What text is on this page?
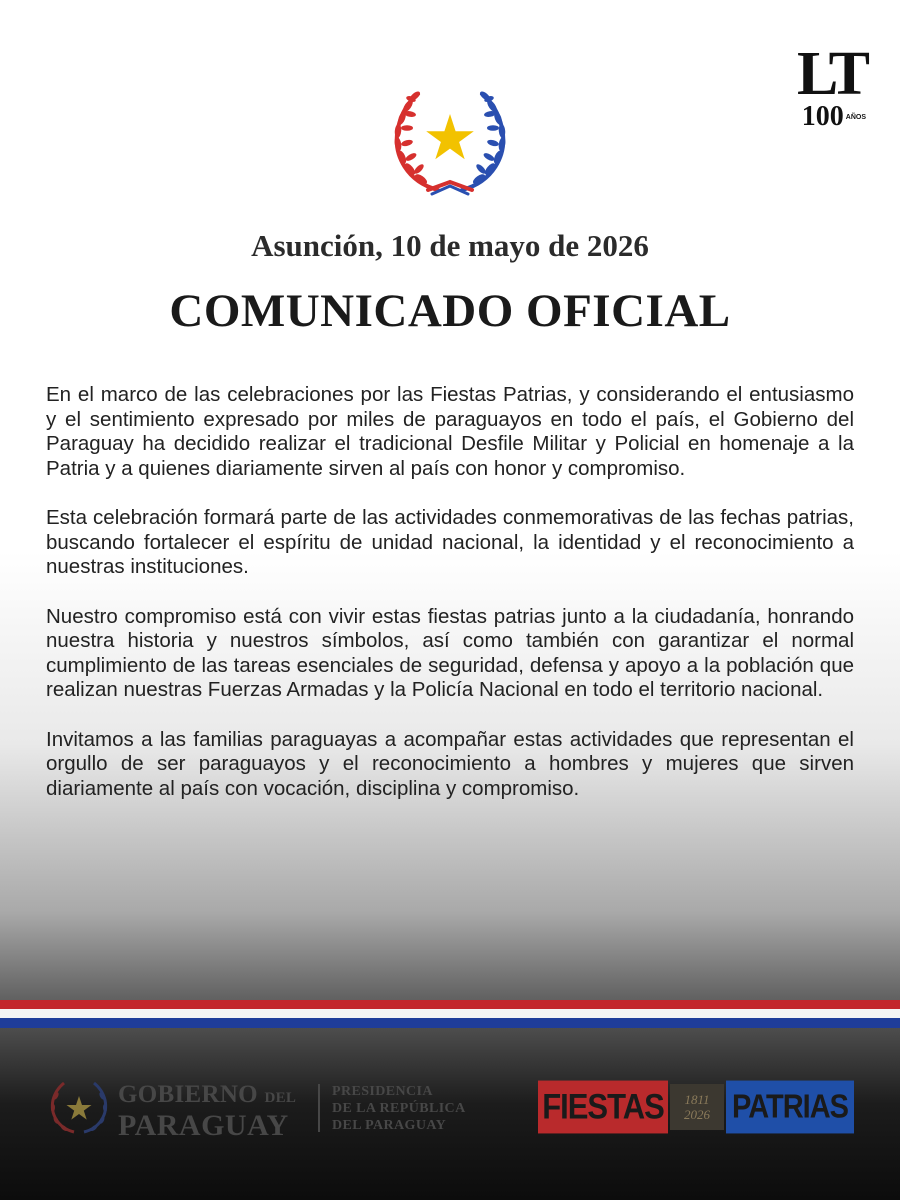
LT
100 AÑOS
Asunción, 10 de mayo de 2026
COMUNICADO OFICIAL

En el marco de las celebraciones por las Fiestas Patrias, y considerando el entusiasmo y el sentimiento expresado por miles de paraguayos en todo el país, el Gobierno del Paraguay ha decidido realizar el tradicional Desfile Militar y Policial en homenaje a la Patria y a quienes diariamente sirven al país con honor y compromiso.

Esta celebración formará parte de las actividades conmemorativas de las fechas patrias, buscando fortalecer el espíritu de unidad nacional, la identidad y el reconocimiento a nuestras instituciones.

Nuestro compromiso está con vivir estas fiestas patrias junto a la ciudadanía, honrando nuestra historia y nuestros símbolos, así como también con garantizar el normal cumplimiento de las tareas esenciales de seguridad, defensa y apoyo a la población que realizan nuestras Fuerzas Armadas y la Policía Nacional en todo el territorio nacional.

Invitamos a las familias paraguayas a acompañar estas actividades que representan el orgullo de ser paraguayos y el reconocimiento a hombres y mujeres que sirven diariamente al país con vocación, disciplina y compromiso.

GOBIERNO DEL
PARAGUAY
PRESIDENCIA
DE LA REPÚBLICA
DEL PARAGUAY	FIESTAS	1811
2026 PATRIAS
